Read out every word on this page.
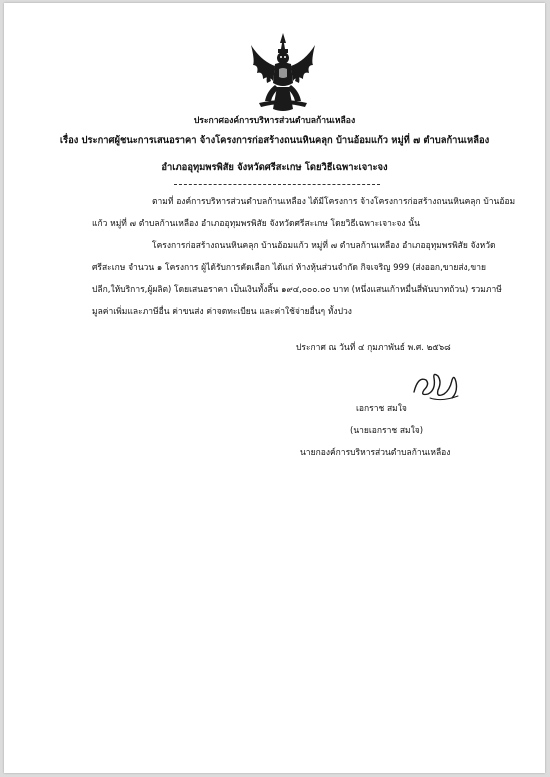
ประกาศองค์การบริหารส่วนตำบลก้านเหลือง
เรื่อง ประกาศผู้ชนะการเสนอราคา จ้างโครงการก่อสร้างถนนหินคลุก บ้านอ้อมแก้ว หมู่ที่ ๗ ตำบลก้านเหลือง
อำเภออุทุมพรพิสัย จังหวัดศรีสะเกษ โดยวิธีเฉพาะเจาะจง
ตามที่ องค์การบริหารส่วนตำบลก้านเหลือง ได้มีโครงการ จ้างโครงการก่อสร้างถนนหินคลุก บ้านอ้อม
แก้ว หมู่ที่ ๗ ตำบลก้านเหลือง อำเภออุทุมพรพิสัย จังหวัดศรีสะเกษ โดยวิธีเฉพาะเจาะจง นั้น
โครงการก่อสร้างถนนหินคลุก บ้านอ้อมแก้ว หมู่ที่ ๗ ตำบลก้านเหลือง อำเภออุทุมพรพิสัย จังหวัด
ศรีสะเกษ จำนวน ๑ โครงการ ผู้ได้รับการคัดเลือก ได้แก่ ห้างหุ้นส่วนจำกัด กิจเจริญ 999 (ส่งออก,ขายส่ง,ขาย
ปลีก,ให้บริการ,ผู้ผลิต) โดยเสนอราคา เป็นเงินทั้งสิ้น ๑๙๔,๐๐๐.๐๐ บาท (หนึ่งแสนเก้าหมื่นสี่พันบาทถ้วน) รวมภาษี
มูลค่าเพิ่มและภาษีอื่น ค่าขนส่ง ค่าจดทะเบียน และค่าใช้จ่ายอื่นๆ ทั้งปวง
ประกาศ ณ วันที่ ๔ กุมภาพันธ์ พ.ศ. ๒๕๖๘
เอกราช สมใจ
(นายเอกราช สมใจ)
นายกองค์การบริหารส่วนตำบลก้านเหลือง
